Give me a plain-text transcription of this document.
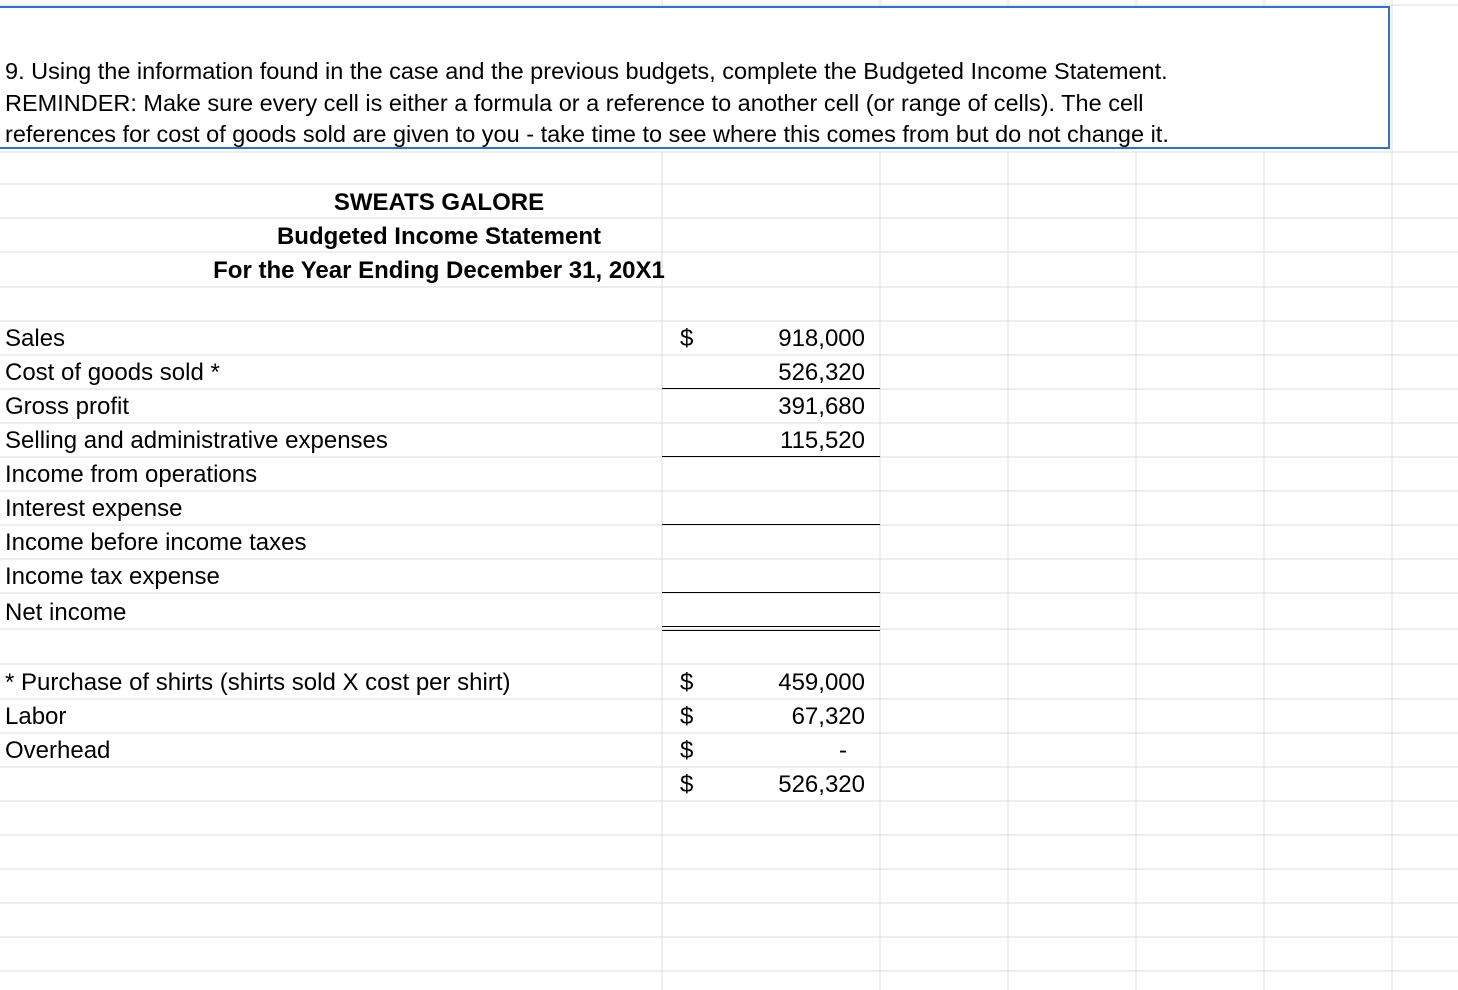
9. Using the information found in the case and the previous budgets, complete the Budgeted Income Statement.
REMINDER: Make sure every cell is either a formula or a reference to another cell (or range of cells). The cell
references for cost of goods sold are given to you - take time to see where this comes from but do not change it.
SWEATS GALORE
Budgeted Income Statement
For the Year Ending December 31, 20X1
Sales	$	918,000
Cost of goods sold *	526,320
Gross profit	391,680
Selling and administrative expenses	115,520
Income from operations
Interest expense
Income before income taxes
Income tax expense
Net income
* Purchase of shirts (shirts sold X cost per shirt)	$	459,000
Labor	$	67,320
Overhead	$	-
$	526,320
